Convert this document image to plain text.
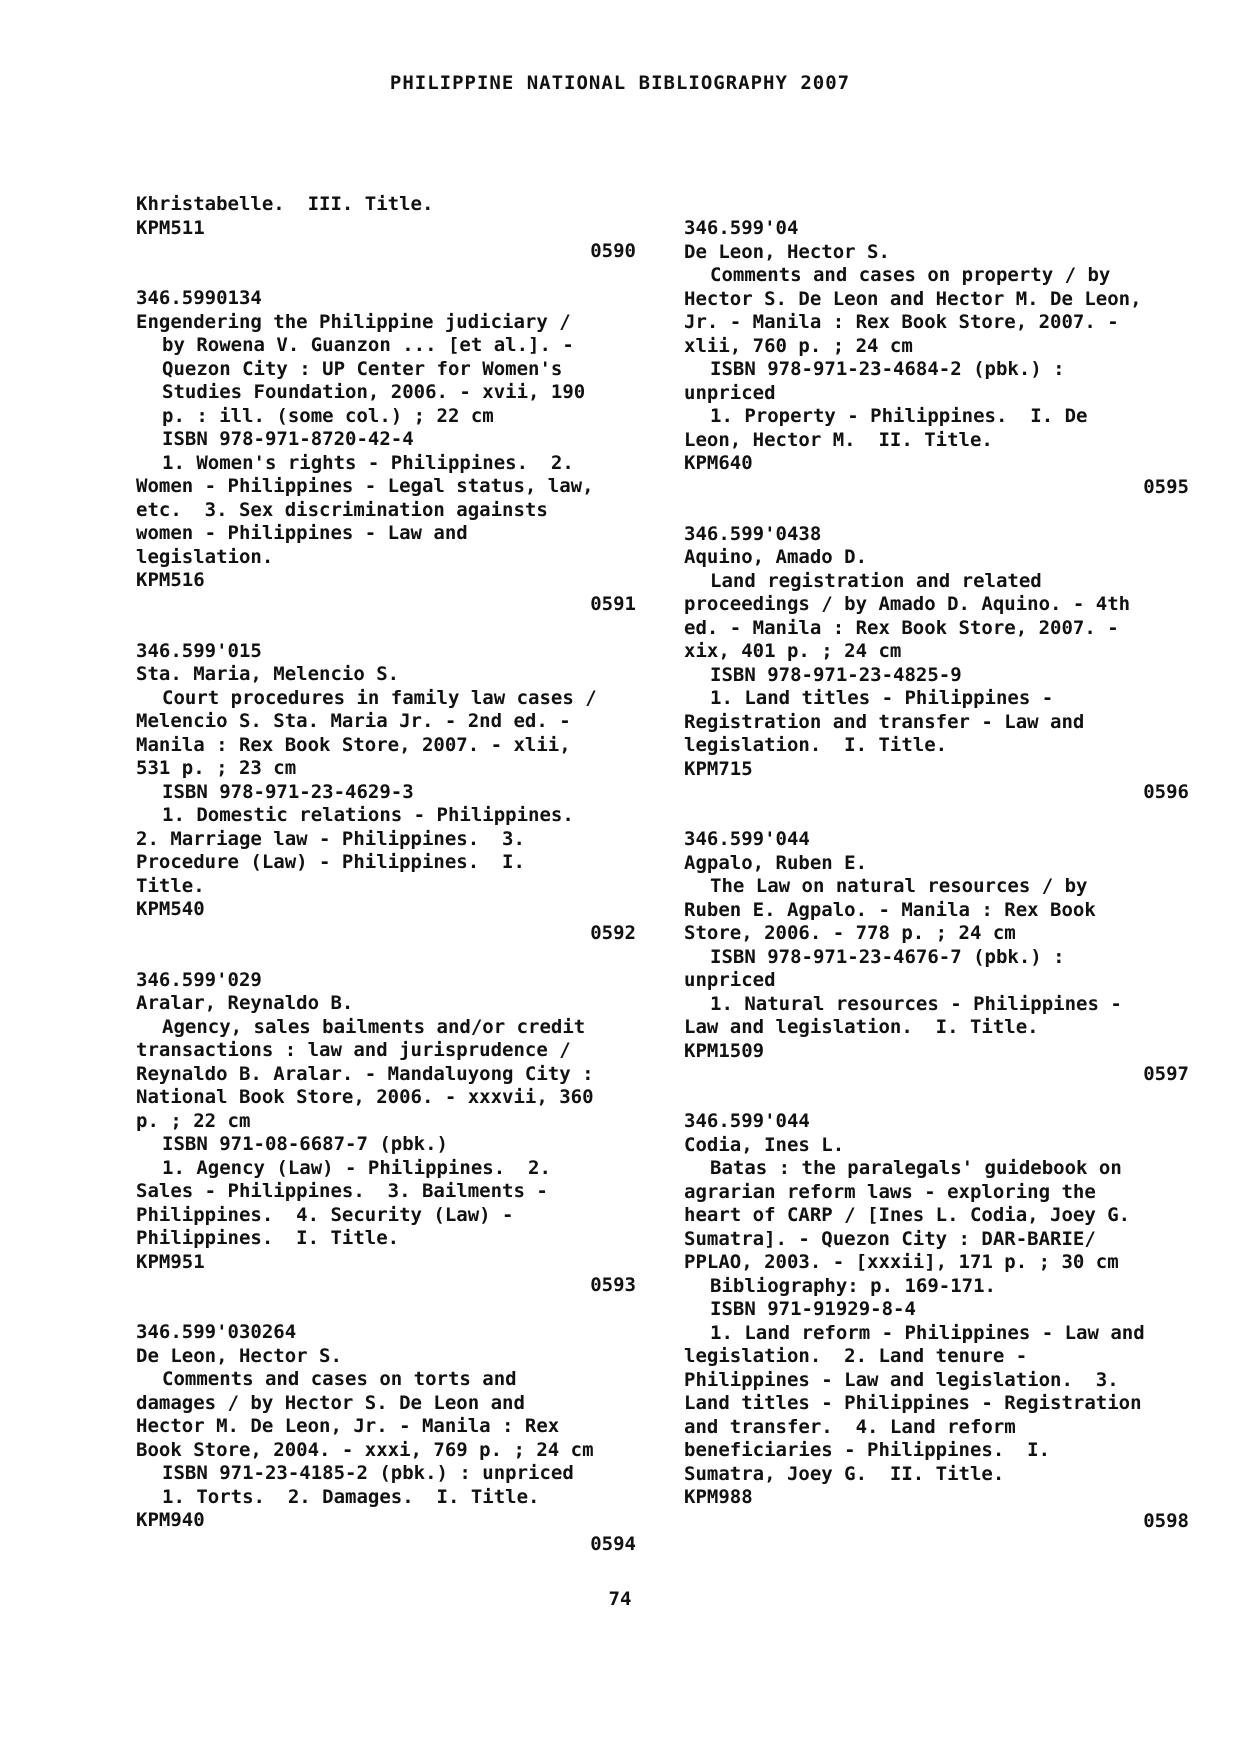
PHILIPPINE NATIONAL BIBLIOGRAPHY 2007
Khristabelle.  III. Title.
KPM511
0590
346.5990134
Engendering the Philippine judiciary /
by Rowena V. Guanzon ... [et al.]. -
Quezon City : UP Center for Women's
Studies Foundation, 2006. - xvii, 190
p. : ill. (some col.) ; 22 cm
ISBN 978-971-8720-42-4
1. Women's rights - Philippines.  2.
Women - Philippines - Legal status, law,
etc.  3. Sex discrimination againsts
women - Philippines - Law and
legislation.
KPM516
0591
346.599'015
Sta. Maria, Melencio S.
Court procedures in family law cases /
Melencio S. Sta. Maria Jr. - 2nd ed. -
Manila : Rex Book Store, 2007. - xlii,
531 p. ; 23 cm
ISBN 978-971-23-4629-3
1. Domestic relations - Philippines.
2. Marriage law - Philippines.  3.
Procedure (Law) - Philippines.  I.
Title.
KPM540
0592
346.599'029
Aralar, Reynaldo B.
Agency, sales bailments and/or credit
transactions : law and jurisprudence /
Reynaldo B. Aralar. - Mandaluyong City :
National Book Store, 2006. - xxxvii, 360
p. ; 22 cm
ISBN 971-08-6687-7 (pbk.)
1. Agency (Law) - Philippines.  2.
Sales - Philippines.  3. Bailments -
Philippines.  4. Security (Law) -
Philippines.  I. Title.
KPM951
0593
346.599'030264
De Leon, Hector S.
Comments and cases on torts and
damages / by Hector S. De Leon and
Hector M. De Leon, Jr. - Manila : Rex
Book Store, 2004. - xxxi, 769 p. ; 24 cm
ISBN 971-23-4185-2 (pbk.) : unpriced
1. Torts.  2. Damages.  I. Title.
KPM940
0594
346.599'04
De Leon, Hector S.
Comments and cases on property / by
Hector S. De Leon and Hector M. De Leon,
Jr. - Manila : Rex Book Store, 2007. -
xlii, 760 p. ; 24 cm
ISBN 978-971-23-4684-2 (pbk.) :
unpriced
1. Property - Philippines.  I. De
Leon, Hector M.  II. Title.
KPM640
0595
346.599'0438
Aquino, Amado D.
Land registration and related
proceedings / by Amado D. Aquino. - 4th
ed. - Manila : Rex Book Store, 2007. -
xix, 401 p. ; 24 cm
ISBN 978-971-23-4825-9
1. Land titles - Philippines -
Registration and transfer - Law and
legislation.  I. Title.
KPM715
0596
346.599'044
Agpalo, Ruben E.
The Law on natural resources / by
Ruben E. Agpalo. - Manila : Rex Book
Store, 2006. - 778 p. ; 24 cm
ISBN 978-971-23-4676-7 (pbk.) :
unpriced
1. Natural resources - Philippines -
Law and legislation.  I. Title.
KPM1509
0597
346.599'044
Codia, Ines L.
Batas : the paralegals' guidebook on
agrarian reform laws - exploring the
heart of CARP / [Ines L. Codia, Joey G.
Sumatra]. - Quezon City : DAR-BARIE/
PPLAO, 2003. - [xxxii], 171 p. ; 30 cm
Bibliography: p. 169-171.
ISBN 971-91929-8-4
1. Land reform - Philippines - Law and
legislation.  2. Land tenure -
Philippines - Law and legislation.  3.
Land titles - Philippines - Registration
and transfer.  4. Land reform
beneficiaries - Philippines.  I.
Sumatra, Joey G.  II. Title.
KPM988
0598
74
